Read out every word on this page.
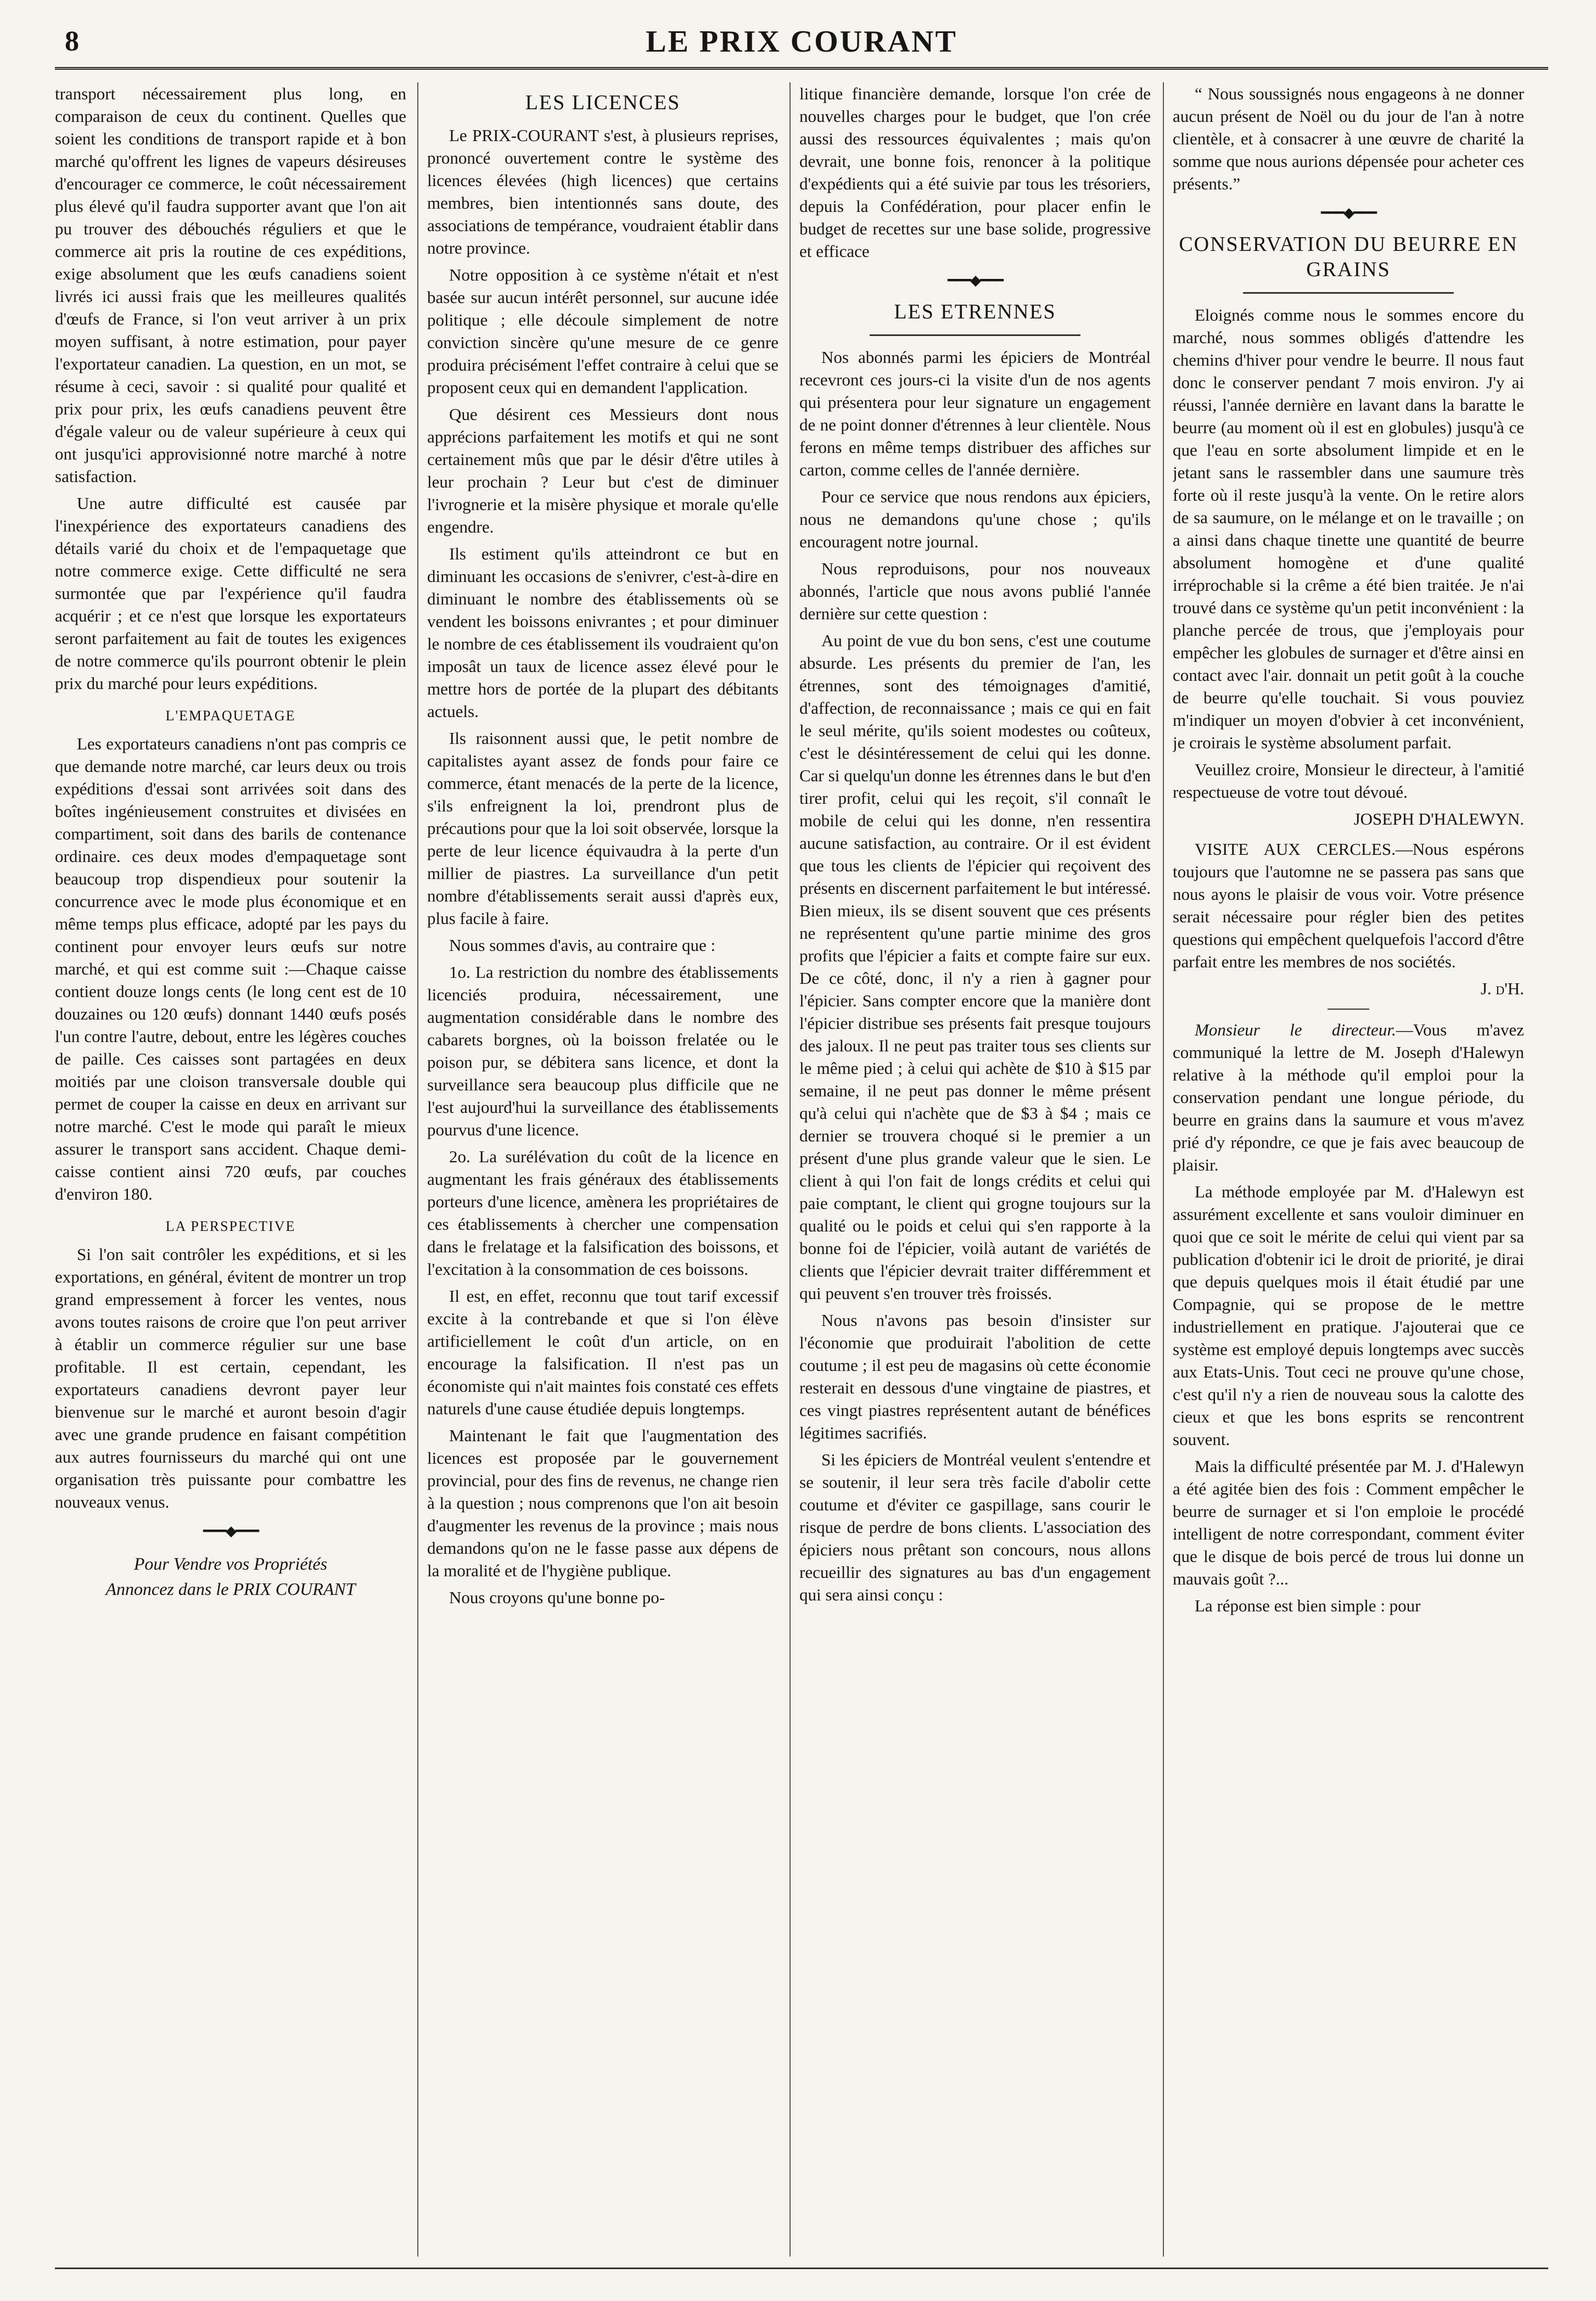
8	LE PRIX COURANT

transport nécessairement plus long, en comparaison de ceux du continent. Quelles que soient les conditions de transport rapide et à bon marché qu'offrent les lignes de vapeurs désireuses d'encourager ce commerce, le coût nécessairement plus élevé qu'il faudra supporter avant que l'on ait pu trouver des débouchés réguliers et que le commerce ait pris la routine de ces expéditions, exige absolument que les œufs canadiens soient livrés ici aussi frais que les meilleures qualités d'œufs de France, si l'on veut arriver à un prix moyen suffisant, à notre estimation, pour payer l'exportateur canadien. La question, en un mot, se résume à ceci, savoir : si qualité pour qualité et prix pour prix, les œufs canadiens peuvent être d'égale valeur ou de valeur supérieure à ceux qui ont jusqu'ici approvisionné notre marché à notre satisfaction.

Une autre difficulté est causée par l'inexpérience des exportateurs canadiens des détails varié du choix et de l'empaquetage que notre commerce exige. Cette difficulté ne sera surmontée que par l'expérience qu'il faudra acquérir ; et ce n'est que lorsque les exportateurs seront parfaitement au fait de toutes les exigences de notre commerce qu'ils pourront obtenir le plein prix du marché pour leurs expéditions.

L'EMPAQUETAGE

Les exportateurs canadiens n'ont pas compris ce que demande notre marché, car leurs deux ou trois expéditions d'essai sont arrivées soit dans des boîtes ingénieusement construites et divisées en compartiment, soit dans des barils de contenance ordinaire. ces deux modes d'empaquetage sont beaucoup trop dispendieux pour soutenir la concurrence avec le mode plus économique et en même temps plus efficace, adopté par les pays du continent pour envoyer leurs œufs sur notre marché, et qui est comme suit :—Chaque caisse contient douze longs cents (le long cent est de 10 douzaines ou 120 œufs) donnant 1440 œufs posés l'un contre l'autre, debout, entre les légères couches de paille. Ces caisses sont partagées en deux moitiés par une cloison transversale double qui permet de couper la caisse en deux en arrivant sur notre marché. C'est le mode qui paraît le mieux assurer le transport sans accident. Chaque demi-caisse contient ainsi 720 œufs, par couches d'environ 180.

LA PERSPECTIVE

Si l'on sait contrôler les expéditions, et si les exportations, en général, évitent de montrer un trop grand empressement à forcer les ventes, nous avons toutes raisons de croire que l'on peut arriver à établir un commerce régulier sur une base profitable. Il est certain, cependant, les exportateurs canadiens devront payer leur bienvenue sur le marché et auront besoin d'agir avec une grande prudence en faisant compétition aux autres fournisseurs du marché qui ont une organisation très puissante pour combattre les nouveaux venus.

━━━◆━━━
Pour Vendre vos Propriétés
Annoncez dans le PRIX COURANT
LES LICENCES

Le PRIX-COURANT s'est, à plusieurs reprises, prononcé ouvertement contre le système des licences élevées (high licences) que certains membres, bien intentionnés sans doute, des associations de tempérance, voudraient établir dans notre province.

Notre opposition à ce système n'était et n'est basée sur aucun intérêt personnel, sur aucune idée politique ; elle découle simplement de notre conviction sincère qu'une mesure de ce genre produira précisément l'effet contraire à celui que se proposent ceux qui en demandent l'application.

Que désirent ces Messieurs dont nous apprécions parfaitement les motifs et qui ne sont certainement mûs que par le désir d'être utiles à leur prochain ? Leur but c'est de diminuer l'ivrognerie et la misère physique et morale qu'elle engendre.

Ils estiment qu'ils atteindront ce but en diminuant les occasions de s'enivrer, c'est-à-dire en diminuant le nombre des établissements où se vendent les boissons enivrantes ; et pour diminuer le nombre de ces établissement ils voudraient qu'on imposât un taux de licence assez élevé pour le mettre hors de portée de la plupart des débitants actuels.

Ils raisonnent aussi que, le petit nombre de capitalistes ayant assez de fonds pour faire ce commerce, étant menacés de la perte de la licence, s'ils enfreignent la loi, prendront plus de précautions pour que la loi soit observée, lorsque la perte de leur licence équivaudra à la perte d'un millier de piastres. La surveillance d'un petit nombre d'établissements serait aussi d'après eux, plus facile à faire.

Nous sommes d'avis, au contraire que :

1o. La restriction du nombre des établissements licenciés produira, nécessairement, une augmentation considérable dans le nombre des cabarets borgnes, où la boisson frelatée ou le poison pur, se débitera sans licence, et dont la surveillance sera beaucoup plus difficile que ne l'est aujourd'hui la surveillance des établissements pourvus d'une licence.

2o. La surélévation du coût de la licence en augmentant les frais généraux des établissements porteurs d'une licence, amènera les propriétaires de ces établissements à chercher une compensation dans le frelatage et la falsification des boissons, et l'excitation à la consommation de ces boissons.

Il est, en effet, reconnu que tout tarif excessif excite à la contrebande et que si l'on élève artificiellement le coût d'un article, on en encourage la falsification. Il n'est pas un économiste qui n'ait maintes fois constaté ces effets naturels d'une cause étudiée depuis longtemps.

Maintenant le fait que l'augmentation des licences est proposée par le gouvernement provincial, pour des fins de revenus, ne change rien à la question ; nous comprenons que l'on ait besoin d'augmenter les revenus de la province ; mais nous demandons qu'on ne le fasse passe aux dépens de la moralité et de l'hygiène publique.

Nous croyons qu'une bonne po-

litique financière demande, lorsque l'on crée de nouvelles charges pour le budget, que l'on crée aussi des ressources équivalentes ; mais qu'on devrait, une bonne fois, renoncer à la politique d'expédients qui a été suivie par tous les trésoriers, depuis la Confédération, pour placer enfin le budget de recettes sur une base solide, progressive et efficace

━━━◆━━━
LES ETRENNES

Nos abonnés parmi les épiciers de Montréal recevront ces jours-ci la visite d'un de nos agents qui présentera pour leur signature un engagement de ne point donner d'étrennes à leur clientèle. Nous ferons en même temps distribuer des affiches sur carton, comme celles de l'année dernière.

Pour ce service que nous rendons aux épiciers, nous ne demandons qu'une chose ; qu'ils encouragent notre journal.

Nous reproduisons, pour nos nouveaux abonnés, l'article que nous avons publié l'année dernière sur cette question :

Au point de vue du bon sens, c'est une coutume absurde. Les présents du premier de l'an, les étrennes, sont des témoignages d'amitié, d'affection, de reconnaissance ; mais ce qui en fait le seul mérite, qu'ils soient modestes ou coûteux, c'est le désintéressement de celui qui les donne. Car si quelqu'un donne les étrennes dans le but d'en tirer profit, celui qui les reçoit, s'il connaît le mobile de celui qui les donne, n'en ressentira aucune satisfaction, au contraire. Or il est évident que tous les clients de l'épicier qui reçoivent des présents en discernent parfaitement le but intéressé. Bien mieux, ils se disent souvent que ces présents ne représentent qu'une partie minime des gros profits que l'épicier a faits et compte faire sur eux. De ce côté, donc, il n'y a rien à gagner pour l'épicier. Sans compter encore que la manière dont l'épicier distribue ses présents fait presque toujours des jaloux. Il ne peut pas traiter tous ses clients sur le même pied ; à celui qui achète de $10 à $15 par semaine, il ne peut pas donner le même présent qu'à celui qui n'achète que de $3 à $4 ; mais ce dernier se trouvera choqué si le premier a un présent d'une plus grande valeur que le sien. Le client à qui l'on fait de longs crédits et celui qui paie comptant, le client qui grogne toujours sur la qualité ou le poids et celui qui s'en rapporte à la bonne foi de l'épicier, voilà autant de variétés de clients que l'épicier devrait traiter différemment et qui peuvent s'en trouver très froissés.

Nous n'avons pas besoin d'insister sur l'économie que produirait l'abolition de cette coutume ; il est peu de magasins où cette économie resterait en dessous d'une vingtaine de piastres, et ces vingt piastres représentent autant de bénéfices légitimes sacrifiés.

Si les épiciers de Montréal veulent s'entendre et se soutenir, il leur sera très facile d'abolir cette coutume et d'éviter ce gaspillage, sans courir le risque de perdre de bons clients. L'association des épiciers nous prêtant son concours, nous allons recueillir des signatures au bas d'un engagement qui sera ainsi conçu :

“ Nous soussignés nous engageons à ne donner aucun présent de Noël ou du jour de l'an à notre clientèle, et à consacrer à une œuvre de charité la somme que nous aurions dépensée pour acheter ces présents.”

━━━◆━━━
CONSERVATION DU BEURRE EN GRAINS

Eloignés comme nous le sommes encore du marché, nous sommes obligés d'attendre les chemins d'hiver pour vendre le beurre. Il nous faut donc le conserver pendant 7 mois environ. J'y ai réussi, l'année dernière en lavant dans la baratte le beurre (au moment où il est en globules) jusqu'à ce que l'eau en sorte absolument limpide et en le jetant sans le rassembler dans une saumure très forte où il reste jusqu'à la vente. On le retire alors de sa saumure, on le mélange et on le travaille ; on a ainsi dans chaque tinette une quantité de beurre absolument homogène et d'une qualité irréprochable si la crême a été bien traitée. Je n'ai trouvé dans ce système qu'un petit inconvénient : la planche percée de trous, que j'employais pour empêcher les globules de surnager et d'être ainsi en contact avec l'air. donnait un petit goût à la couche de beurre qu'elle touchait. Si vous pouviez m'indiquer un moyen d'obvier à cet inconvénient, je croirais le système absolument parfait.

Veuillez croire, Monsieur le directeur, à l'amitié respectueuse de votre tout dévoué.

JOSEPH D'HALEWYN.

VISITE AUX CERCLES.—Nous espérons toujours que l'automne ne se passera pas sans que nous ayons le plaisir de vous voir. Votre présence serait nécessaire pour régler bien des petites questions qui empêchent quelquefois l'accord d'être parfait entre les membres de nos sociétés.

J. d'H.

Monsieur le directeur.—Vous m'avez communiqué la lettre de M. Joseph d'Halewyn relative à la méthode qu'il emploi pour la conservation pendant une longue période, du beurre en grains dans la saumure et vous m'avez prié d'y répondre, ce que je fais avec beaucoup de plaisir.

La méthode employée par M. d'Halewyn est assurément excellente et sans vouloir diminuer en quoi que ce soit le mérite de celui qui vient par sa publication d'obtenir ici le droit de priorité, je dirai que depuis quelques mois il était étudié par une Compagnie, qui se propose de le mettre industriellement en pratique. J'ajouterai que ce système est employé depuis longtemps avec succès aux Etats-Unis. Tout ceci ne prouve qu'une chose, c'est qu'il n'y a rien de nouveau sous la calotte des cieux et que les bons esprits se rencontrent souvent.

Mais la difficulté présentée par M. J. d'Halewyn a été agitée bien des fois : Comment empêcher le beurre de surnager et si l'on emploie le procédé intelligent de notre correspondant, comment éviter que le disque de bois percé de trous lui donne un mauvais goût ?...

La réponse est bien simple : pour
